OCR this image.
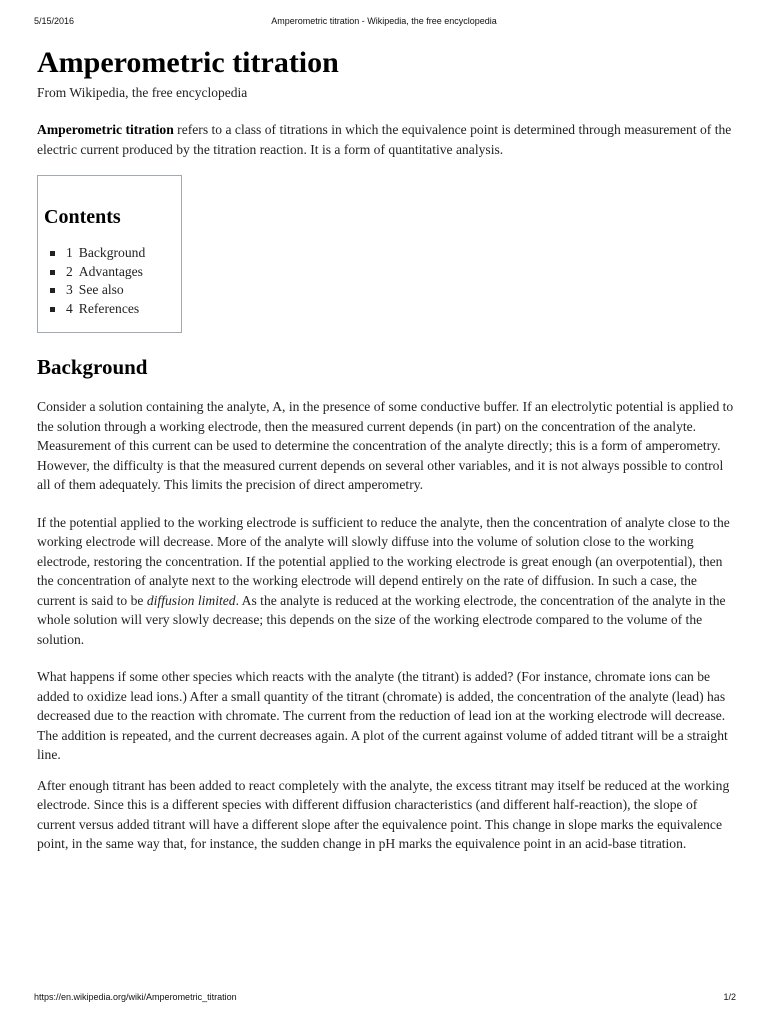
5/15/2016	Amperometric titration - Wikipedia, the free encyclopedia
Amperometric titration
From Wikipedia, the free encyclopedia

Amperometric titration refers to a class of titrations in which the equivalence point is determined through measurement of the electric current produced by the titration reaction. It is a form of quantitative analysis.

Contents
1 Background
2 Advantages
3 See also
4 References
Background

Consider a solution containing the analyte, A, in the presence of some conductive buffer. If an electrolytic potential is applied to the solution through a working electrode, then the measured current depends (in part) on the concentration of the analyte. Measurement of this current can be used to determine the concentration of the analyte directly; this is a form of amperometry. However, the difficulty is that the measured current depends on several other variables, and it is not always possible to control all of them adequately. This limits the precision of direct amperometry.

If the potential applied to the working electrode is sufficient to reduce the analyte, then the concentration of analyte close to the working electrode will decrease. More of the analyte will slowly diffuse into the volume of solution close to the working electrode, restoring the concentration. If the potential applied to the working electrode is great enough (an overpotential), then the concentration of analyte next to the working electrode will depend entirely on the rate of diffusion. In such a case, the current is said to be diffusion limited. As the analyte is reduced at the working electrode, the concentration of the analyte in the whole solution will very slowly decrease; this depends on the size of the working electrode compared to the volume of the solution.

What happens if some other species which reacts with the analyte (the titrant) is added? (For instance, chromate ions can be added to oxidize lead ions.) After a small quantity of the titrant (chromate) is added, the concentration of the analyte (lead) has decreased due to the reaction with chromate. The current from the reduction of lead ion at the working electrode will decrease. The addition is repeated, and the current decreases again. A plot of the current against volume of added titrant will be a straight line.

After enough titrant has been added to react completely with the analyte, the excess titrant may itself be reduced at the working electrode. Since this is a different species with different diffusion characteristics (and different half-reaction), the slope of current versus added titrant will have a different slope after the equivalence point. This change in slope marks the equivalence point, in the same way that, for instance, the sudden change in pH marks the equivalence point in an acid-base titration.

https://en.wikipedia.org/wiki/Amperometric_titration	1/2
